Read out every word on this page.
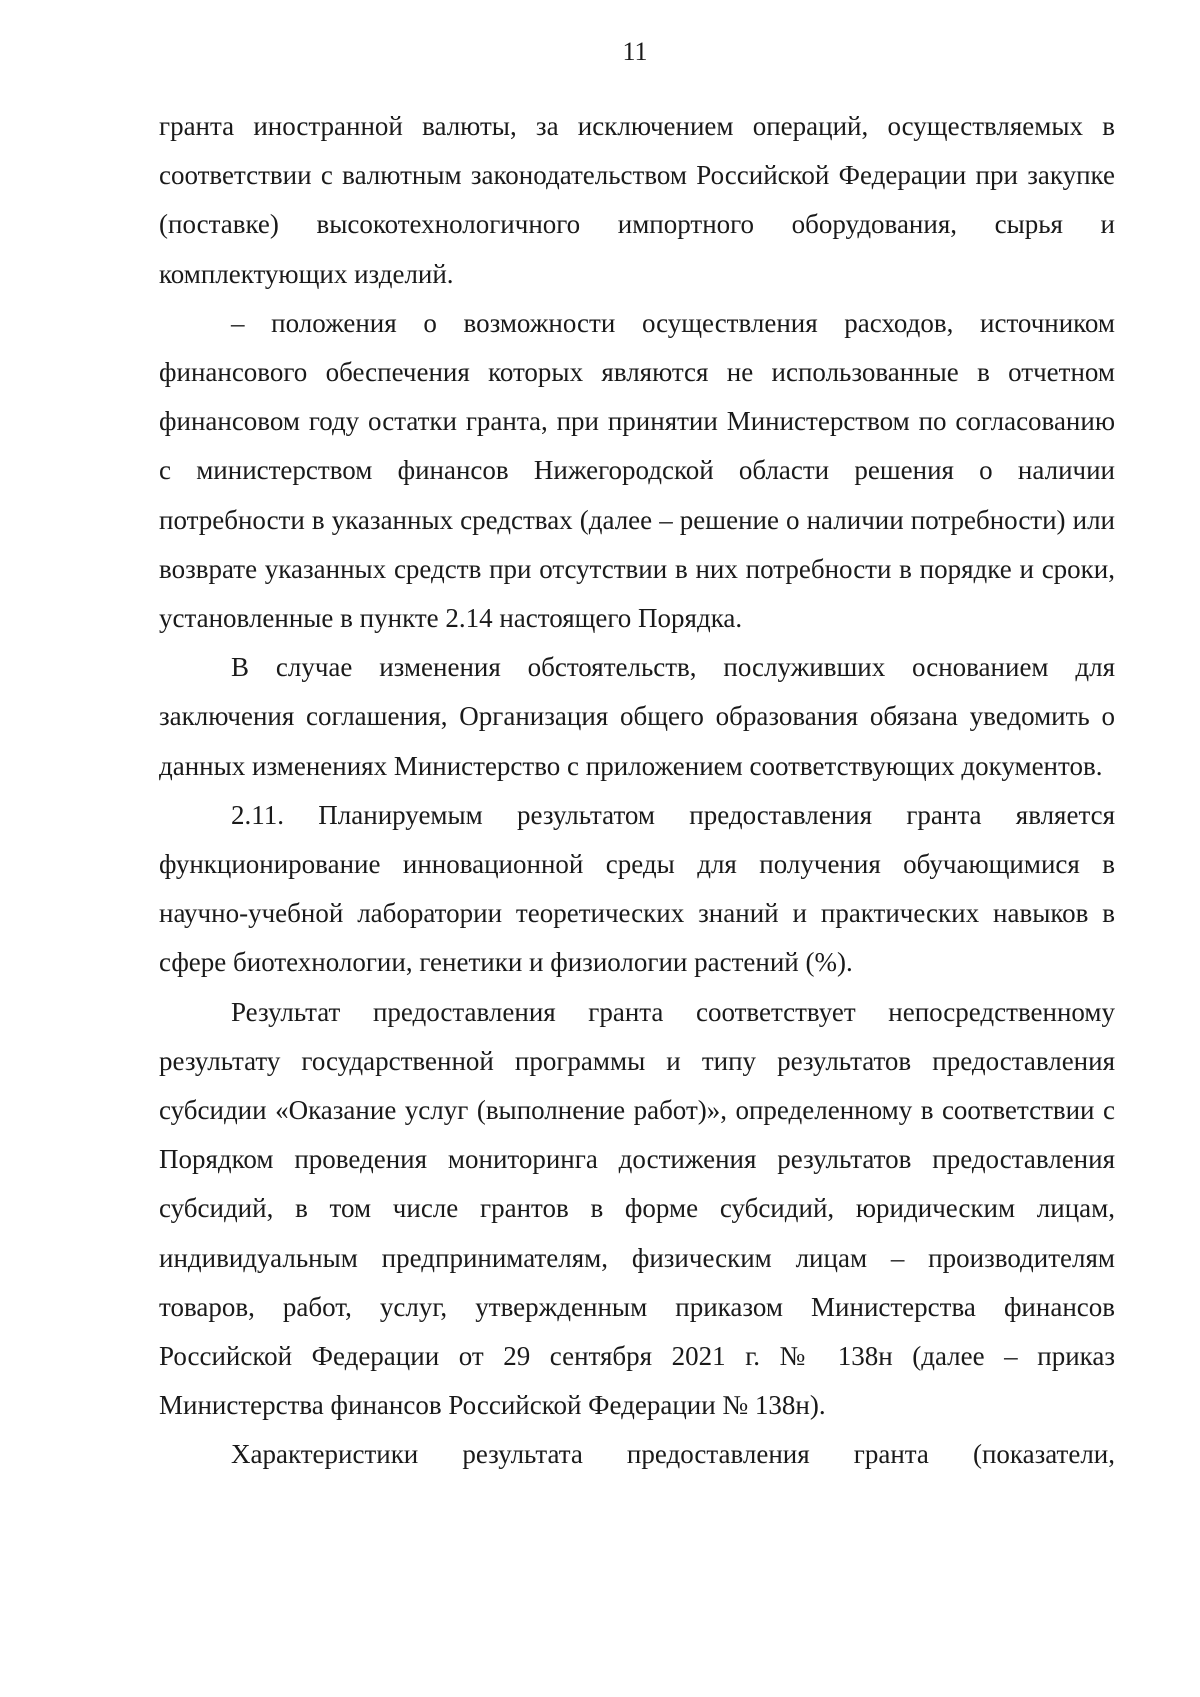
11

гранта иностранной валюты, за исключением операций, осуществляемых в соответствии с валютным законодательством Российской Федерации при закупке (поставке) высокотехнологичного импортного оборудования, сырья и комплектующих изделий.

– положения о возможности осуществления расходов, источником финансового обеспечения которых являются не использованные в отчетном финансовом году остатки гранта, при принятии Министерством по согласованию с министерством финансов Нижегородской области решения о наличии потребности в указанных средствах (далее – решение о наличии потребности) или возврате указанных средств при отсутствии в них потребности в порядке и сроки, установленные в пункте 2.14 настоящего Порядка.

В случае изменения обстоятельств, послуживших основанием для заключения соглашения, Организация общего образования обязана уведомить о данных изменениях Министерство с приложением соответствующих документов.

2.11. Планируемым результатом предоставления гранта является функционирование инновационной среды для получения обучающимися в научно-учебной лаборатории теоретических знаний и практических навыков в сфере биотехнологии, генетики и физиологии растений (%).

Результат предоставления гранта соответствует непосредственному результату государственной программы и типу результатов предоставления субсидии «Оказание услуг (выполнение работ)», определенному в соответствии с Порядком проведения мониторинга достижения результатов предоставления субсидий, в том числе грантов в форме субсидий, юридическим лицам, индивидуальным предпринимателям, физическим лицам – производителям товаров, работ, услуг, утвержденным приказом Министерства финансов Российской Федерации от 29 сентября 2021 г. № 138н (далее – приказ Министерства финансов Российской Федерации № 138н).

Характеристики результата предоставления гранта (показатели,
